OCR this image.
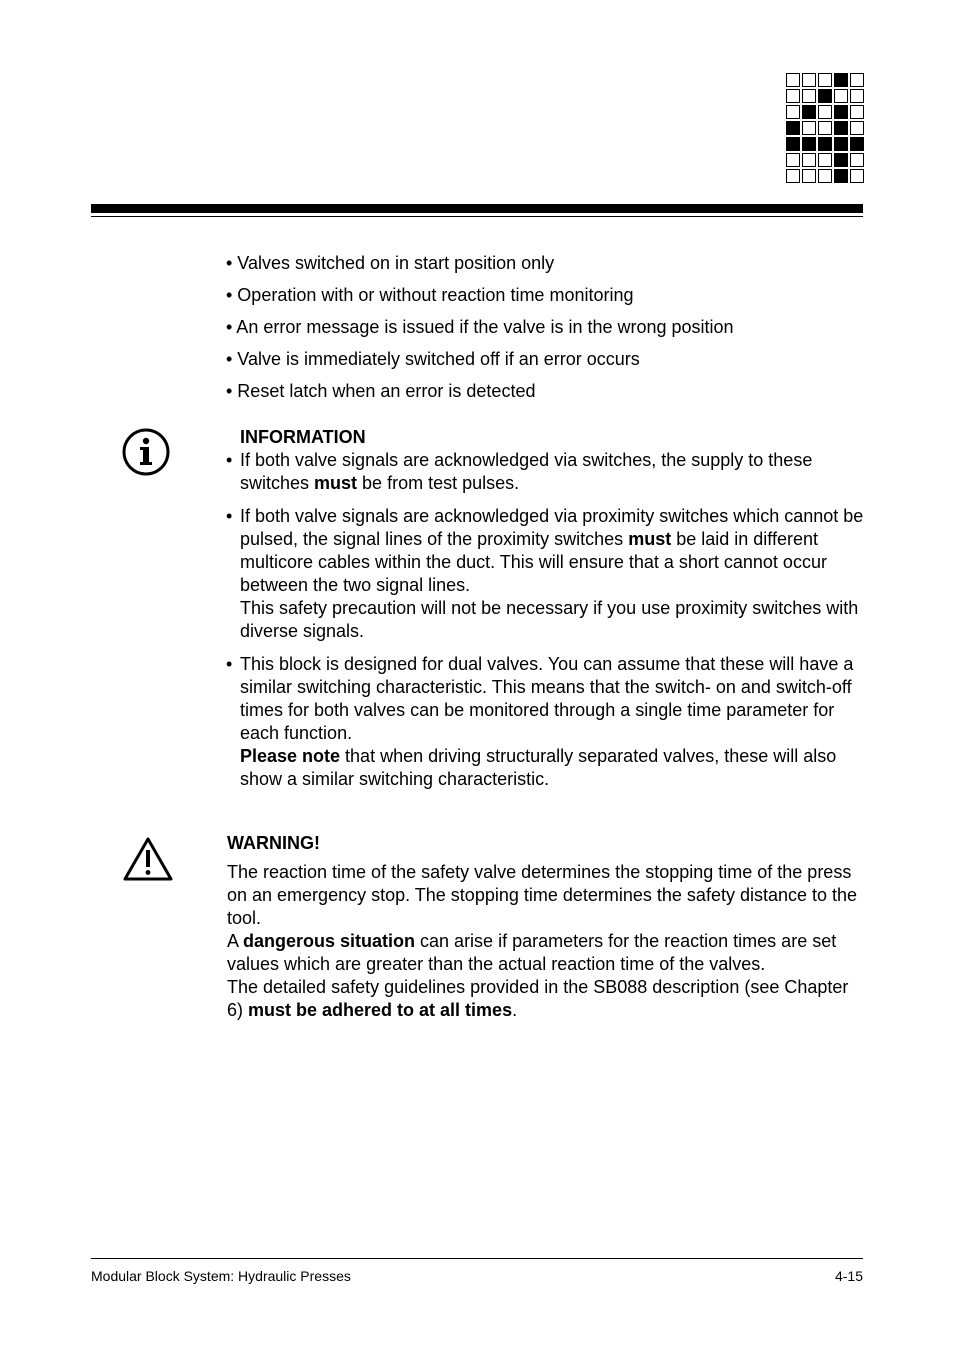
• Valves switched on in start position only
• Operation with or without reaction time monitoring
• An error message is issued if the valve is in the wrong position
• Valve is immediately switched off if an error occurs
• Reset latch when an error is detected
INFORMATION
• If both valve signals are acknowledged via switches, the supply to these switches must be from test pulses.

• If both valve signals are acknowledged via proximity switches which cannot be pulsed, the signal lines of the proximity switches must be laid in different multicore cables within the duct. This will ensure that a short cannot occur between the two signal lines.

This safety precaution will not be necessary if you use proximity switches with diverse signals.

• This block is designed for dual valves. You can assume that these will have a similar switching characteristic. This means that the switch- on and switch-off times for both valves can be monitored through a single time parameter for each function.

Please note that when driving structurally separated valves, these will also show a similar switching characteristic.

WARNING!

The reaction time of the safety valve determines the stopping time of the press on an emergency stop. The stopping time determines the safety distance to the tool.

A dangerous situation can arise if parameters for the reaction times are set values which are greater than the actual reaction time of the valves.

The detailed safety guidelines provided in the SB088 description (see Chapter 6) must be adhered to at all times.

Modular Block System: Hydraulic Presses	4-15
